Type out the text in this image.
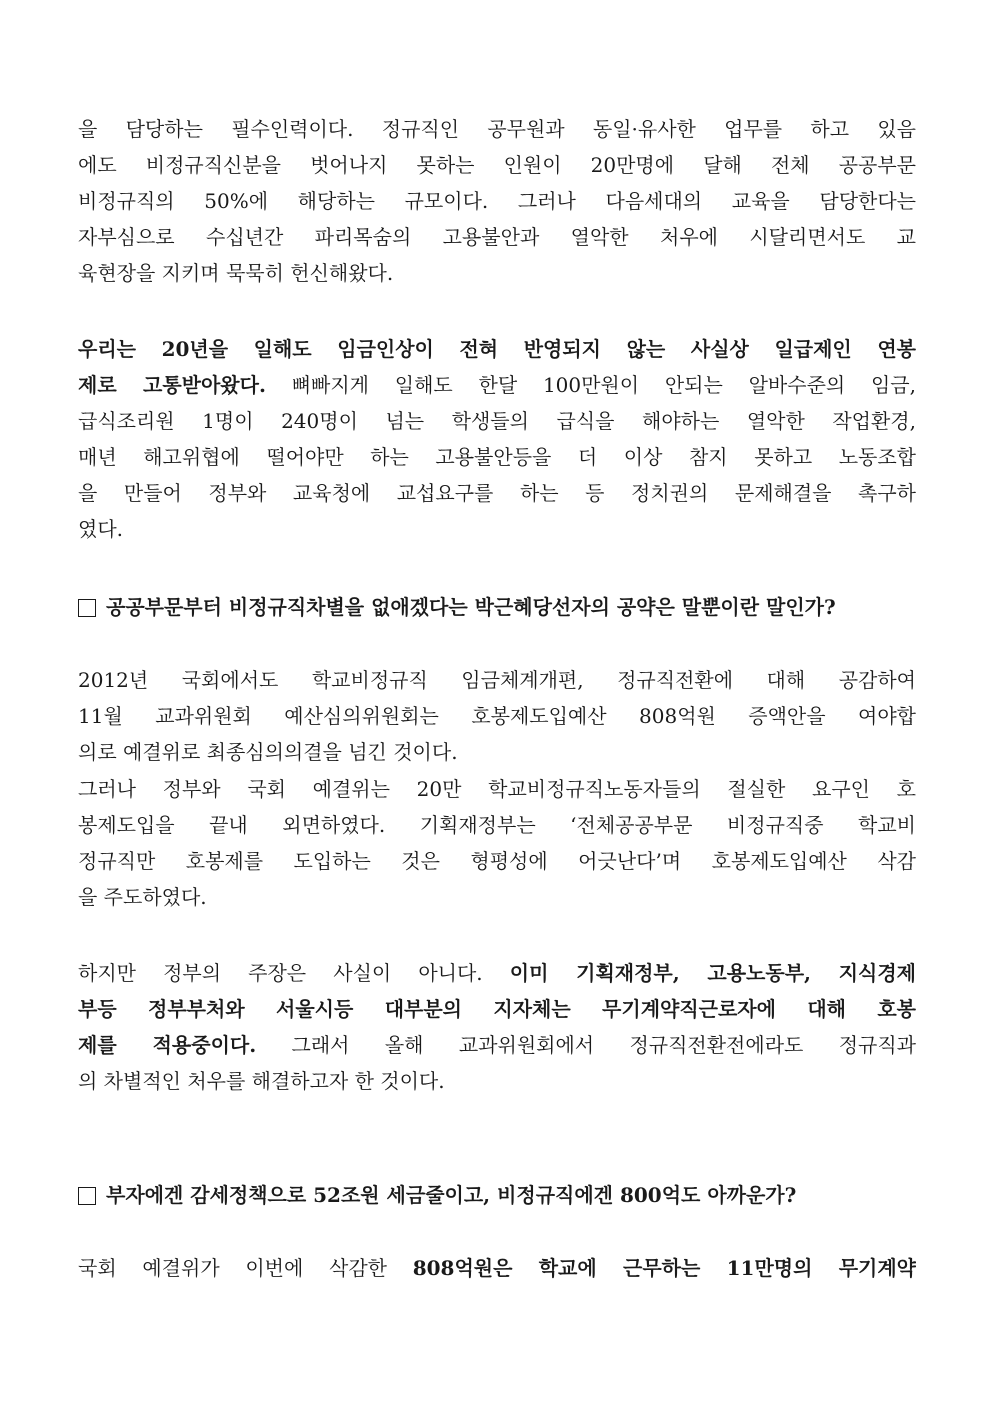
을 담당하는 필수인력이다. 정규직인 공무원과 동일·유사한 업무를 하고 있음
에도 비정규직신분을 벗어나지 못하는 인원이 20만명에 달해 전체 공공부문
비정규직의 50%에 해당하는 규모이다. 그러나 다음세대의 교육을 담당한다는
자부심으로 수십년간 파리목숨의 고용불안과 열악한 처우에 시달리면서도 교
육현장을 지키며 묵묵히 헌신해왔다.
우리는 20년을 일해도 임금인상이 전혀 반영되지 않는 사실상 일급제인 연봉
제로 고통받아왔다. 뼈빠지게 일해도 한달 100만원이 안되는 알바수준의 임금,
급식조리원 1명이 240명이 넘는 학생들의 급식을 해야하는 열악한 작업환경,
매년 해고위협에 떨어야만 하는 고용불안등을 더 이상 참지 못하고 노동조합
을 만들어 정부와 교육청에 교섭요구를 하는 등 정치권의 문제해결을 촉구하
였다.
공공부문부터 비정규직차별을 없애겠다는 박근혜당선자의 공약은 말뿐이란 말인가?
2012년 국회에서도 학교비정규직 임금체계개편, 정규직전환에 대해 공감하여
11월 교과위원회 예산심의위원회는 호봉제도입예산 808억원 증액안을 여야합
의로 예결위로 최종심의의결을 넘긴 것이다.
그러나 정부와 국회 예결위는 20만 학교비정규직노동자들의 절실한 요구인 호
봉제도입을 끝내 외면하였다. 기획재정부는 ‘전체공공부문 비정규직중 학교비
정규직만 호봉제를 도입하는 것은 형평성에 어긋난다’며 호봉제도입예산 삭감
을 주도하였다.
하지만 정부의 주장은 사실이 아니다. 이미 기획재정부, 고용노동부, 지식경제
부등 정부부처와 서울시등 대부분의 지자체는 무기계약직근로자에 대해 호봉
제를 적용중이다. 그래서 올해 교과위원회에서 정규직전환전에라도 정규직과
의 차별적인 처우를 해결하고자 한 것이다.
부자에겐 감세정책으로 52조원 세금줄이고, 비정규직에겐 800억도 아까운가?
국회 예결위가 이번에 삭감한 808억원은 학교에 근무하는 11만명의 무기계약
